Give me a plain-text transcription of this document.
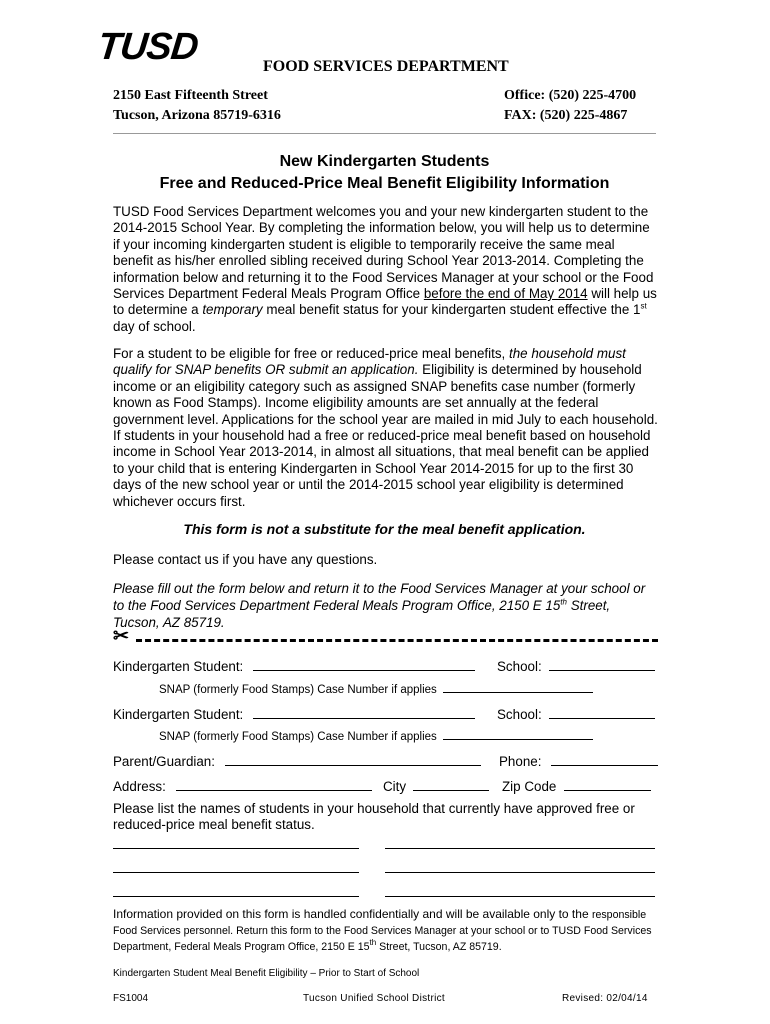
TUSD	FOOD SERVICES DEPARTMENT
2150 East Fifteenth Street
Tucson, Arizona 85719-6316
Office: (520) 225-4700
FAX: (520) 225-4867
New Kindergarten Students
Free and Reduced-Price Meal Benefit Eligibility Information
TUSD Food Services Department welcomes you and your new kindergarten student to the 2014-2015 School Year. By completing the information below, you will help us to determine if your incoming kindergarten student is eligible to temporarily receive the same meal benefit as his/her enrolled sibling received during School Year 2013-2014. Completing the information below and returning it to the Food Services Manager at your school or the Food Services Department Federal Meals Program Office before the end of May 2014 will help us to determine a temporary meal benefit status for your kindergarten student effective the 1st day of school.
For a student to be eligible for free or reduced-price meal benefits, the household must qualify for SNAP benefits OR submit an application. Eligibility is determined by household income or an eligibility category such as assigned SNAP benefits case number (formerly known as Food Stamps). Income eligibility amounts are set annually at the federal government level. Applications for the school year are mailed in mid July to each household. If students in your household had a free or reduced-price meal benefit based on household income in School Year 2013-2014, in almost all situations, that meal benefit can be applied to your child that is entering Kindergarten in School Year 2014-2015 for up to the first 30 days of the new school year or until the 2014-2015 school year eligibility is determined whichever occurs first.
This form is not a substitute for the meal benefit application.
Please contact us if you have any questions.
Please fill out the form below and return it to the Food Services Manager at your school or to the Food Services Department Federal Meals Program Office, 2150 E 15th Street, Tucson, AZ 85719.
✂
Kindergarten Student:	School:
SNAP (formerly Food Stamps) Case Number if applies
Kindergarten Student:	School:
SNAP (formerly Food Stamps) Case Number if applies
Parent/Guardian:	Phone:
Address:	City	Zip Code
Please list the names of students in your household that currently have approved free or reduced-price meal benefit status.
Information provided on this form is handled confidentially and will be available only to the responsible Food Services personnel. Return this form to the Food Services Manager at your school or to TUSD Food Services Department, Federal Meals Program Office, 2150 E 15th Street, Tucson, AZ 85719.
Kindergarten Student Meal Benefit Eligibility – Prior to Start of School
FS1004	Tucson Unified School District	Revised: 02/04/14
